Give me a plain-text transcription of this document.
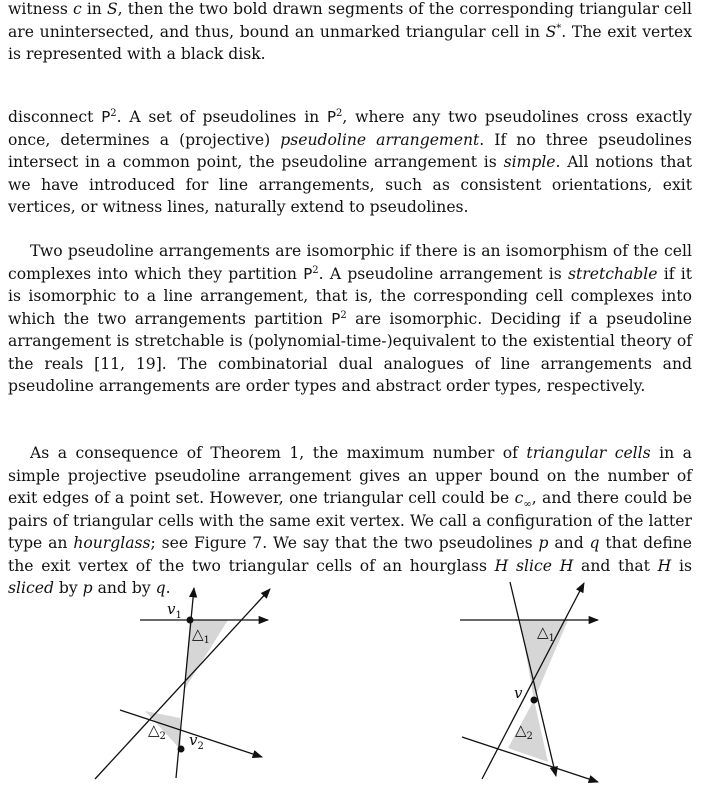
witness c in S, then the two bold drawn segments of the corresponding triangular cell are unintersected, and thus, bound an unmarked triangular cell in S*. The exit vertex is represented with a black disk.

disconnect $P^2$. A set of pseudolines in $P^2$, where any two pseudolines cross exactly once, determines a (projective) pseudoline arrangement. If no three pseudolines intersect in a common point, the pseudoline arrangement is simple. All notions that we have introduced for line arrangements, such as consistent orientations, exit vertices, or witness lines, naturally extend to pseudolines.

Two pseudoline arrangements are isomorphic if there is an isomorphism of the cell complexes into which they partition $P^2$. A pseudoline arrangement is stretchable if it is isomorphic to a line arrangement, that is, the corresponding cell complexes into which the two arrangements partition $P^2$ are isomorphic. Deciding if a pseudoline arrangement is stretchable is (polynomial-time-)equivalent to the existential theory of the reals [11, 19]. The combinatorial dual analogues of line arrangements and pseudoline arrangements are order types and abstract order types, respectively.

As a consequence of Theorem 1, the maximum number of triangular cells in a simple projective pseudoline arrangement gives an upper bound on the number of exit edges of a point set. However, one triangular cell could be $c_\infty$, and there could be pairs of triangular cells with the same exit vertex. We call a configuration of the latter type an hourglass; see Figure 7. We say that the two pseudolines p and q that define the exit vertex of the two triangular cells of an hourglass H slice H and that H is sliced by p and by q.

$v_1$
$\triangle_1$
$\triangle_2$ $v_2$
$\triangle_1$
v
$\triangle_2$
